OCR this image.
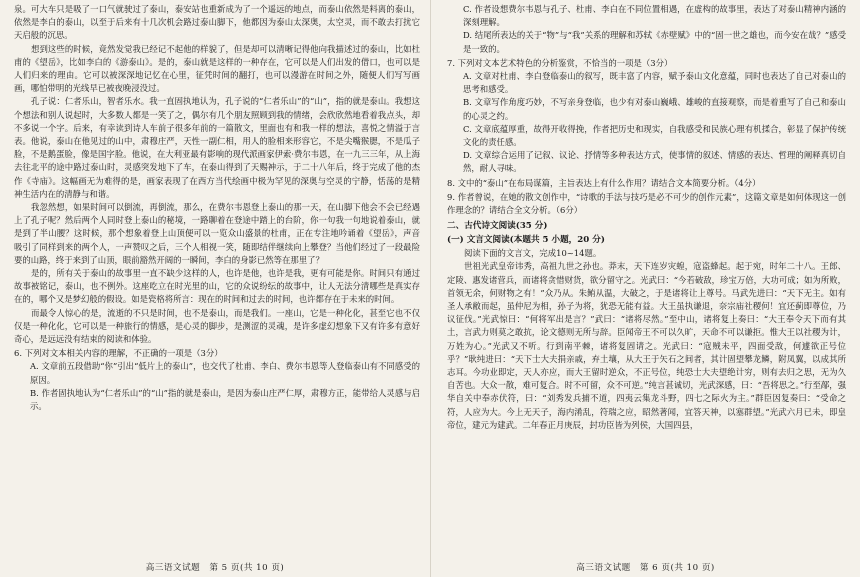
泉。可大车只是吸了一口气就驶过了泰山，泰安站也重新成为了一个遥远的地点，而泰山依然是料离的泰山，依然是李白的泰山，以至于后来有十几次机会路过泰山脚下，他都因为泰山太深奥，太空灵，而不敢去打扰它天启般的沉思。

想到这些的时候，竟然发觉我已经记不起他的样貌了，但是却可以清晰记得他向我描述过的泰山，比如杜甫的《望岳》，比如李白的《游泰山》。是的，泰山就是这样的一种存在，它可以是人们出发的借口，也可以是人们归来的理由。它可以被深深地记忆在心里，征凭时间的翻打，也可以漫游在时间之外，随便人们写写画画，哪怕带明的光线早已被夜晚浸没过。

孔子说：仁者乐山，智者乐水。我一直固执地认为，孔子说的“仁者乐山”的“山”，指的就是泰山。我想这个想法和别人说起时，大多数人都是一笑了之，偶尔有几个朋友照顾到我的情绪，会欣欣然地看着我点头，却不多说一个字。后来，有幸读到诗人车前子很多年前的一篇散文，里面也有和我一样的想法，喜悦之情溢于言表。他说，泰山在他见过的山中，肃穆庄严，天性一副仁相，用人的脸相来形容它，不是尖嘴猴腮，不是瓜子脸，不是鹅蛋脸，像是国字脸。他说，在大利亚最有影响的现代派画家伊索·费尔韦恩，在一九三三年，从上海去往北平的途中路过泰山时，灵感突发地下了车，在泰山得到了天赐神示，于二十八年后，终于完成了他的杰作《寺庙》。这幅画无为难得的是，画家表现了在西方当代绘画中极为罕见的深奥与空灵的宁静，恬荡的是精神生活内在的清静与和谐。

我忽然想，如果时间可以倒流，再倒流，那么，在费尔韦恩登上泰山的那一天，在山脚下他会不会已经遇上了孔子呢？然后两个人同时登上泰山的秘境，一路聊着在登途中踏上的台阶，你一句我一句地说着泰山，就是到了半山腰？这时候，那个想象着登上山顶便可以一览众山盛景的杜甫，正在专注地吟诵着《望岳》，声音吸引了同样到来的两个人，一声赞叹之后，三个人相视一笑，随即结伴继续向上攀登？当他们经过了一段最险要的山路，终于来到了山顶，眼前豁然开阔的一瞬间，李白的身影已然等在那里了？

是的，所有关于泰山的故事里一直不缺少这样的人，也许是他，也许是我，更有可能是你。时间只有通过故事被铭记，泰山，也不例外。这座吃立在时光里的山，它的众说纷纭的故事中，让人无法分清哪些是真实存在的，哪个又是梦幻般的假设。如是瓷格将所言：现在的时间和过去的时间，也许都存在于未来的时间。

而最令人惊心的是，流逝的不只是时间，也不是泰山，而是我们。一座山，它是一种化化，甚至它也不仅仅是一种化化，它可以是一种旅行的情感，是心灵的脚步，是测涩的灵魂，是许多虚幻想象下又有许多有意好奇心，是远远没有结束的阅读和体验。

6. 下列对文本相关内容的理解，不正确的一项是（3分）

A. 文章前五段借助“你”引出“低片上的泰山”，也交代了杜甫、李白、费尔韦恩等人登临泰山有不同感受的原因。

B. 作者固执地认为“仁者乐山”的“山”指的就是泰山，是因为泰山庄严仁厚，肃穆方正，能带给人灵感与启示。

高三语文试题　第 5 页(共 10 页)

C. 作者设想费尔韦恩与孔子、杜甫、李白在不同位置相遇，在虚构的故事里，表达了对泰山精神内涵的深刻理解。

D. 结尾所表达的关于“物”与“我”关系的理解和苏轼《赤壁赋》中的“固一世之雄也，而今安在哉？”感受是一致的。

7. 下列对文本艺术特色的分析鉴赏，不恰当的一项是（3分）

A. 文章对杜甫、李白登临泰山的叙写，既丰富了内容，赋予泰山文化意蕴，同时也表达了自己对泰山的思考和感受。

B. 文章写作角度巧妙，不写亲身登临，也少有对泰山巍峨、雄峻的直接观察，而是着重写了自己和泰山的心灵之约。

C. 文章底蕴厚重，故得开收得挽，作者把历史和现实，自我感受和民族心理有机揉合，彰显了保护传统文化的责任感。

D. 文章综合运用了记叙、议论、抒情等多种表达方式，使事情的叙述、情感的表达、哲理的阐释真切自然，耐人寻味。

8. 文中的“泰山”在布局谋篇，主旨表达上有什么作用？请结合文本简要分析。（4分）

9. 作者曾说，在她的散文创作中，“诗歌的手法与技巧是必不可少的创作元素”，这篇文章是如何体现这一创作理念的？请结合全文分析。（6分）

二、古代诗文阅读(35 分)

(一) 文言文阅读(本题共 5 小题，20 分)

阅读下面的文言文，完成10~14题。

世祖光武皇帝讳秀，高祖九世之孙也。莽末，天下连岁灾蝗，寇盗蜂起。起于宛，时年二十八。王郎、定陵、惠发诸营兵，而诸将贪惜财货，欲分留守之。光武曰：“今若破敌，珍宝万倍，大功可成；如为所败，首领无余，何财物之有！”众乃从。朱鲔从温，大破之，于是诸将让上尊号。马武先进曰：“天下无主。如有圣人承敝而起，虽仲尼为相，孙子为将，犹恐无能有益。大王虽执谦退，奈宗庙社稷何！宜还蓟即尊位，乃议征伐。”光武惊曰：“何将军出是言？”武曰：“诸将尽然。”至中山，诸将复上奏曰：“大王奉令天下而有其土，言武力则莫之敢抗，论文德则无所与辞。臣闻帝王不可以久旷，天命不可以谦拒。惟大王以社稷为计，万姓为心。”光武又不听。行到南平棘，诸将复固请之。光武曰：“寇贼未平，四面受敌，何遽欲正号位乎？”耿纯进曰：“天下士大夫捐亲戚，弃土壤，从大王于矢石之间者，其计固望攀龙鳞，附凤翼，以成其所志耳。今功业即定，天人亦应，而大王留时逆众，不正号位，纯恐士大夫望绝计穷，则有去归之思，无为久自苦也。大众一散，难可复合。时不可留，众不可逆。”纯言甚诚切，光武深感，曰：“吾将思之。”行至鄗，强华自关中奉赤伏符，曰：“刘秀发兵捕不道，四夷云集龙斗野，四七之际火为主。”群臣因复奏曰：“受命之符，人应为大。今上无天子，海内淆乱，符瑞之应，昭然著闻，宜答天神，以塞群望。”光武六月已未，即皇帝位，建元为建武。二年春正月庚辰，封功臣皆为列侯，大国四县，

高三语文试题　第 6 页(共 10 页)
